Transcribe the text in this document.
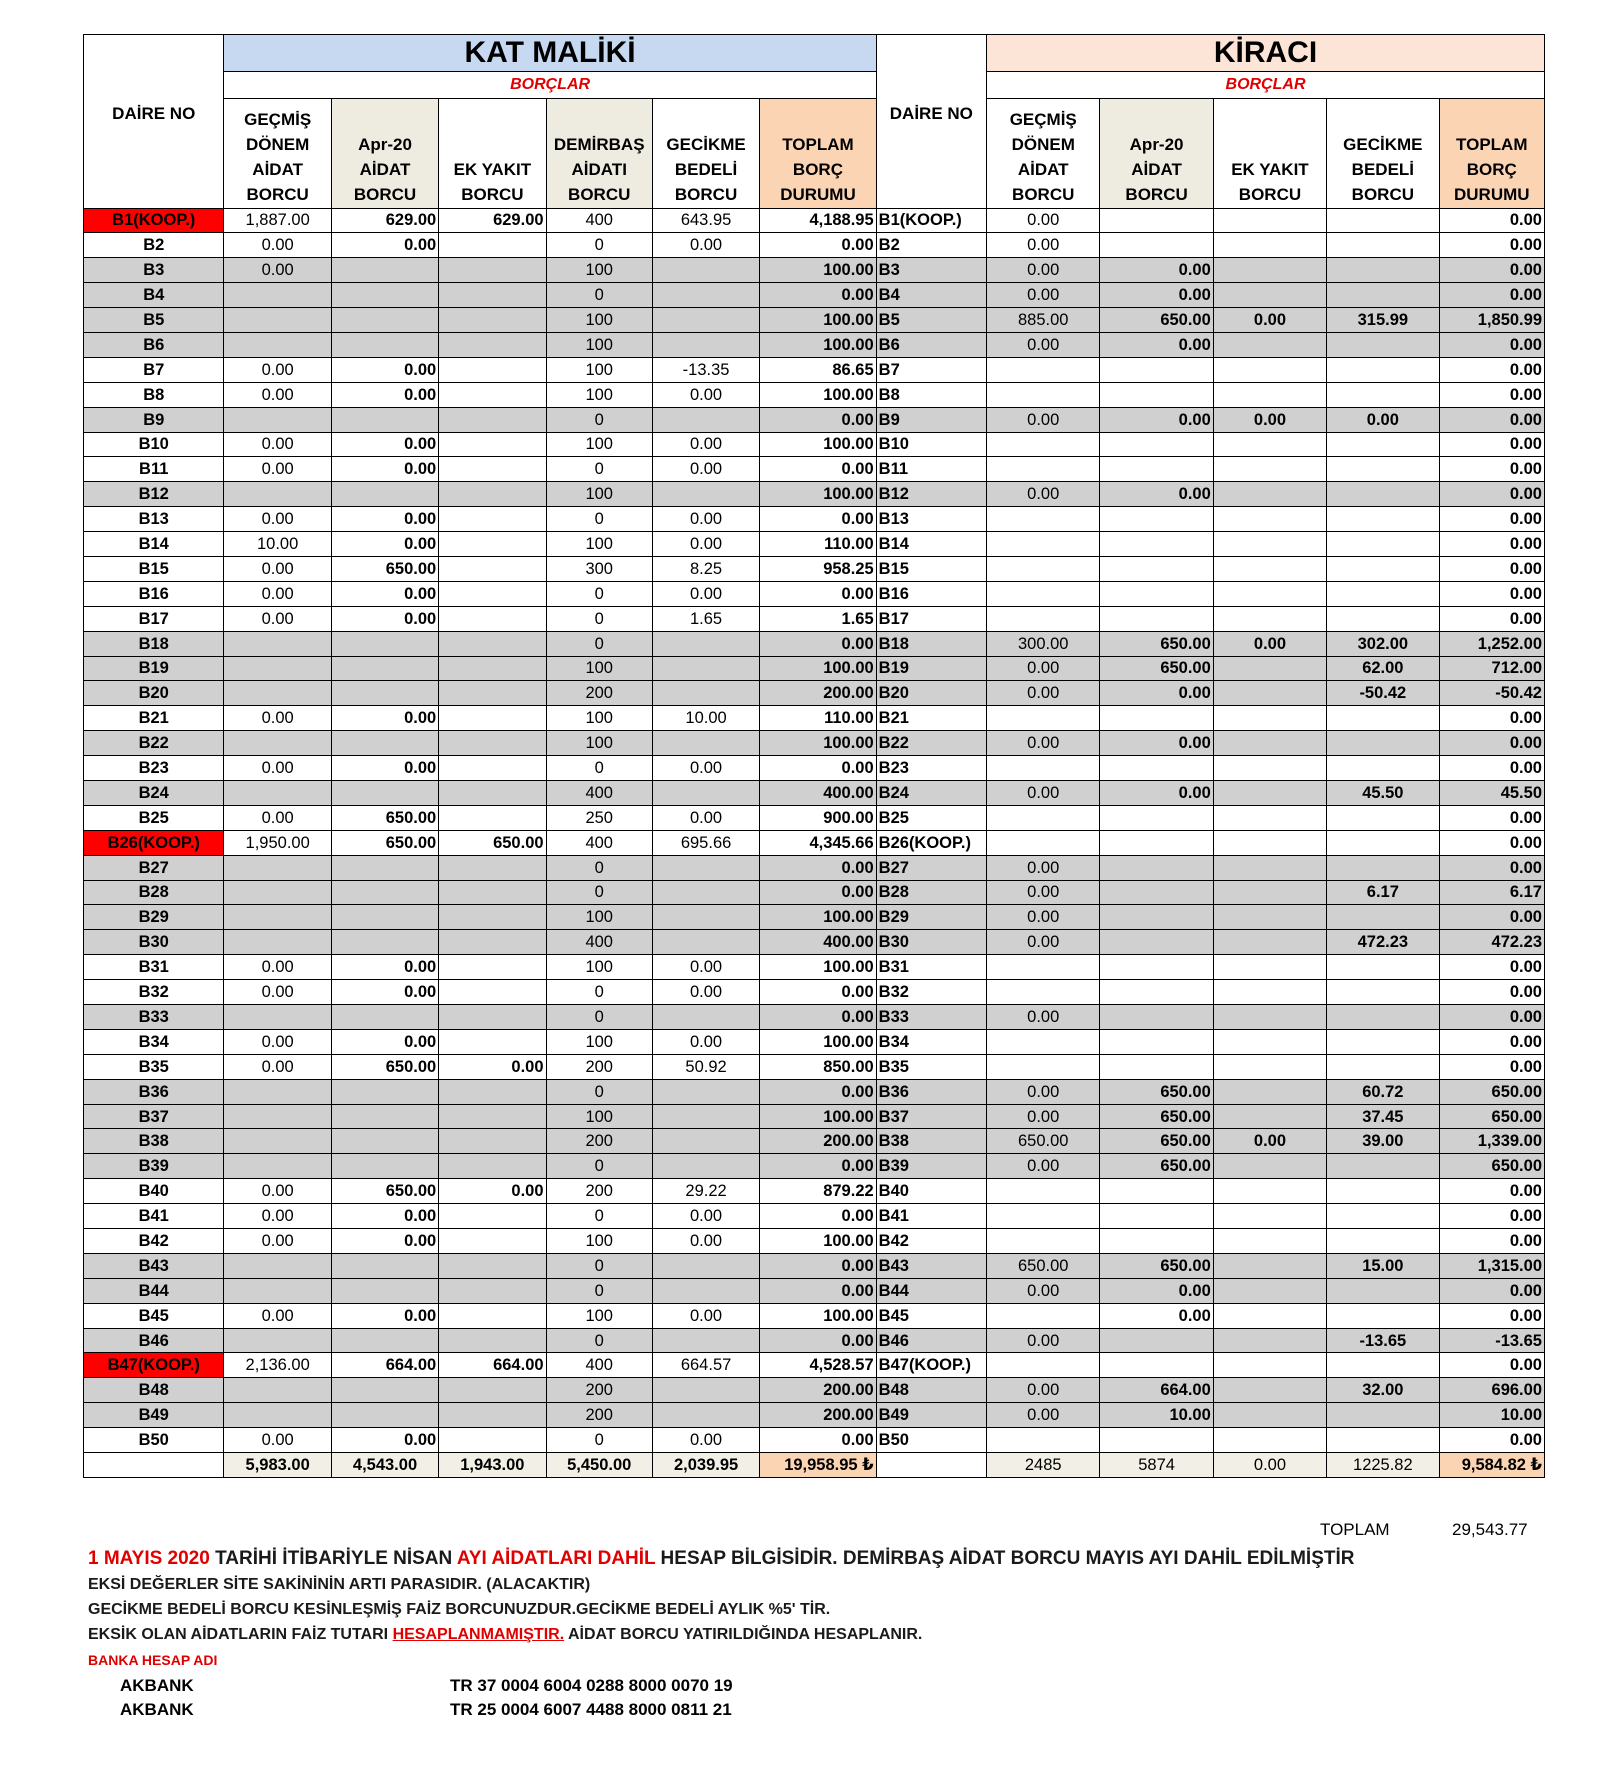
	KAT MALİKİ							KİRACI				
	BORÇLAR							BORÇLAR				
DAİRE NO	GEÇMİŞ
DÖNEM
AİDAT
BORCU	Apr-20
AİDAT
BORCU	EK YAKIT
BORCU	DEMİRBAŞ
AİDATI
BORCU	GECİKME
BEDELİ
BORCU	TOPLAM
BORÇ
DURUMU	DAİRE NO	GEÇMİŞ
DÖNEM
AİDAT
BORCU	Apr-20
AİDAT
BORCU	EK YAKIT
BORCU	GECİKME
BEDELİ
BORCU	TOPLAM
BORÇ
DURUMU
B1(KOOP.)	1,887.00	629.00	629.00	400	643.95	4,188.95	B1(KOOP.)	0.00				0.00
B2	0.00	0.00		0	0.00	0.00	B2	0.00				0.00
B3	0.00			100		100.00	B3	0.00	0.00			0.00
B4				0		0.00	B4	0.00	0.00			0.00
B5				100		100.00	B5	885.00	650.00	0.00	315.99	1,850.99
B6				100		100.00	B6	0.00	0.00			0.00
B7	0.00	0.00		100	-13.35	86.65	B7					0.00
B8	0.00	0.00		100	0.00	100.00	B8					0.00
B9				0		0.00	B9	0.00	0.00	0.00	0.00	0.00
B10	0.00	0.00		100	0.00	100.00	B10					0.00
B11	0.00	0.00		0	0.00	0.00	B11					0.00
B12				100		100.00	B12	0.00	0.00			0.00
B13	0.00	0.00		0	0.00	0.00	B13					0.00
B14	10.00	0.00		100	0.00	110.00	B14					0.00
B15	0.00	650.00		300	8.25	958.25	B15					0.00
B16	0.00	0.00		0	0.00	0.00	B16					0.00
B17	0.00	0.00		0	1.65	1.65	B17					0.00
B18				0		0.00	B18	300.00	650.00	0.00	302.00	1,252.00
B19				100		100.00	B19	0.00	650.00		62.00	712.00
B20				200		200.00	B20	0.00	0.00		-50.42	-50.42
B21	0.00	0.00		100	10.00	110.00	B21					0.00
B22				100		100.00	B22	0.00	0.00			0.00
B23	0.00	0.00		0	0.00	0.00	B23					0.00
B24				400		400.00	B24	0.00	0.00		45.50	45.50
B25	0.00	650.00		250	0.00	900.00	B25					0.00
B26(KOOP.)	1,950.00	650.00	650.00	400	695.66	4,345.66	B26(KOOP.)					0.00
B27				0		0.00	B27	0.00				0.00
B28				0		0.00	B28	0.00			6.17	6.17
B29				100		100.00	B29	0.00				0.00
B30				400		400.00	B30	0.00			472.23	472.23
B31	0.00	0.00		100	0.00	100.00	B31					0.00
B32	0.00	0.00		0	0.00	0.00	B32					0.00
B33				0		0.00	B33	0.00				0.00
B34	0.00	0.00		100	0.00	100.00	B34					0.00
B35	0.00	650.00	0.00	200	50.92	850.00	B35					0.00
B36				0		0.00	B36	0.00	650.00		60.72	650.00
B37				100		100.00	B37	0.00	650.00		37.45	650.00
B38				200		200.00	B38	650.00	650.00	0.00	39.00	1,339.00
B39				0		0.00	B39	0.00	650.00			650.00
B40	0.00	650.00	0.00	200	29.22	879.22	B40					0.00
B41	0.00	0.00		0	0.00	0.00	B41					0.00
B42	0.00	0.00		100	0.00	100.00	B42					0.00
B43				0		0.00	B43	650.00	650.00		15.00	1,315.00
B44				0		0.00	B44	0.00	0.00			0.00
B45	0.00	0.00		100	0.00	100.00	B45		0.00			0.00
B46				0		0.00	B46	0.00			-13.65	-13.65
B47(KOOP.)	2,136.00	664.00	664.00	400	664.57	4,528.57	B47(KOOP.)					0.00
B48				200		200.00	B48	0.00	664.00		32.00	696.00
B49				200		200.00	B49	0.00	10.00			10.00
B50	0.00	0.00		0	0.00	0.00	B50					0.00
	5,983.00	4,543.00	1,943.00	5,450.00	2,039.95	19,958.95 ₺		2485	5874	0.00	1225.82	9,584.82 ₺
TOPLAM	29,543.77
1 MAYIS 2020 TARİHİ İTİBARİYLE NİSAN AYI AİDATLARI DAHİL HESAP BİLGİSİDİR. DEMİRBAŞ AİDAT BORCU MAYIS AYI DAHİL EDİLMİŞTİR
EKSİ DEĞERLER SİTE SAKİNİNİN ARTI PARASIDIR. (ALACAKTIR)
GECİKME BEDELİ BORCU KESİNLEŞMİŞ FAİZ BORCUNUZDUR.GECİKME BEDELİ AYLIK %5' TİR.
EKSİK OLAN AİDATLARIN FAİZ TUTARI HESAPLANMAMIŞTIR. AİDAT BORCU YATIRILDIĞINDA HESAPLANIR.
BANKA HESAP ADI
AKBANK	TR 37 0004 6004 0288 8000 0070 19
AKBANK	TR 25 0004 6007 4488 8000 0811 21
